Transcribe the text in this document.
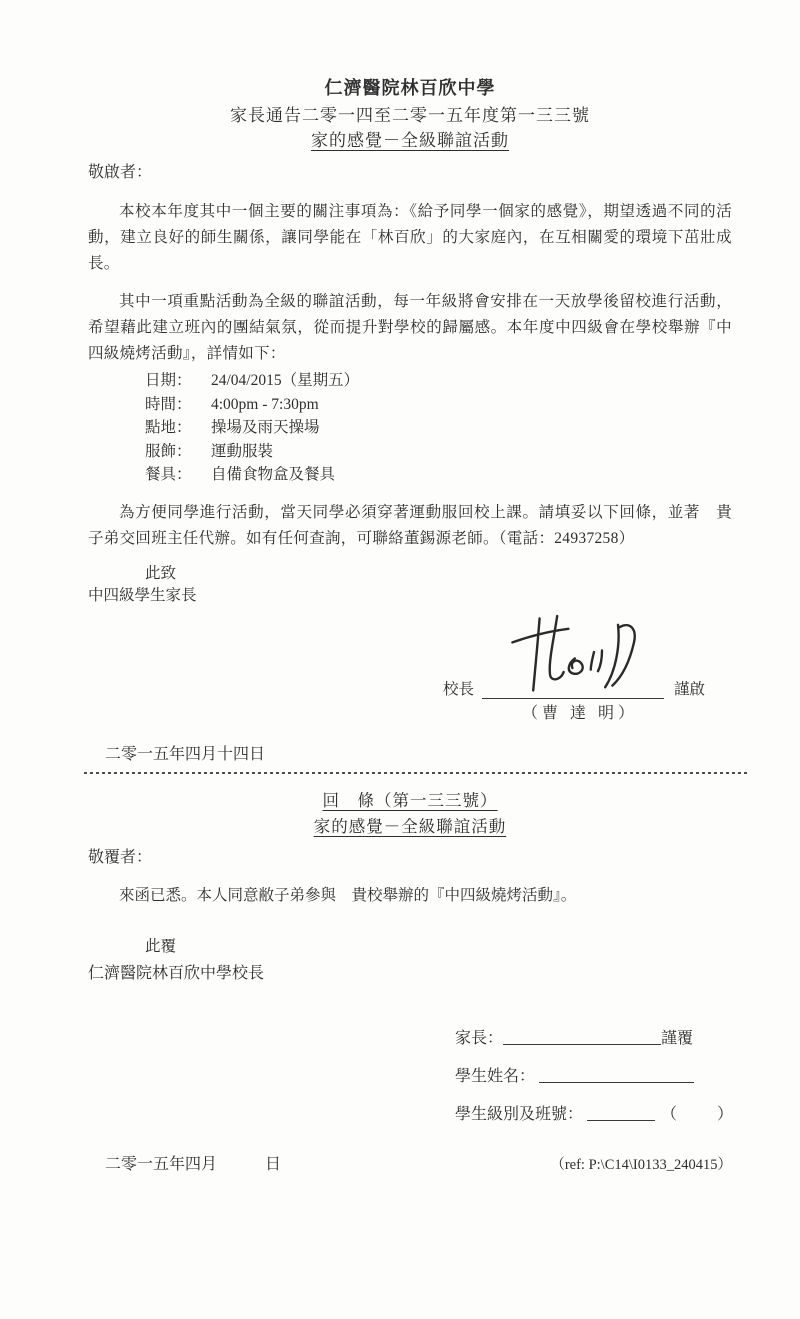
仁濟醫院林百欣中學
家長通告二零一四至二零一五年度第一三三號
家的感覺－全級聯誼活動
敬啟者：

本校本年度其中一個主要的關注事項為：《給予同學一個家的感覺》，期望透過不同的活動，建立良好的師生關係，讓同學能在「林百欣」的大家庭內，在互相關愛的環境下茁壯成長。

其中一項重點活動為全級的聯誼活動，每一年級將會安排在一天放學後留校進行活動，希望藉此建立班內的團結氣氛，從而提升對學校的歸屬感。本年度中四級會在學校舉辦『中四級燒烤活動』，詳情如下：

日期： 24/04/2015（星期五）
時間： 4:00pm - 7:30pm
點地： 操場及雨天操場
服飾： 運動服裝
餐具： 自備食物盒及餐具

為方便同學進行活動，當天同學必須穿著運動服回校上課。請填妥以下回條，並著　貴子弟交回班主任代辦。如有任何查詢，可聯絡董錫源老師。（電話：24937258）

此致
中四級學生家長
校長	謹啟
（曹 達 明）
二零一五年四月十四日
回　條（第一三三號）
家的感覺－全級聯誼活動
敬覆者：

來函已悉。本人同意敝子弟參與　貴校舉辦的『中四級燒烤活動』。

此覆
仁濟醫院林百欣中學校長
家長：	謹覆
學生姓名：
學生級別及班號：	（	）
二零一五年四月　　　日	（ref: P:\C14\I0133_240415）
